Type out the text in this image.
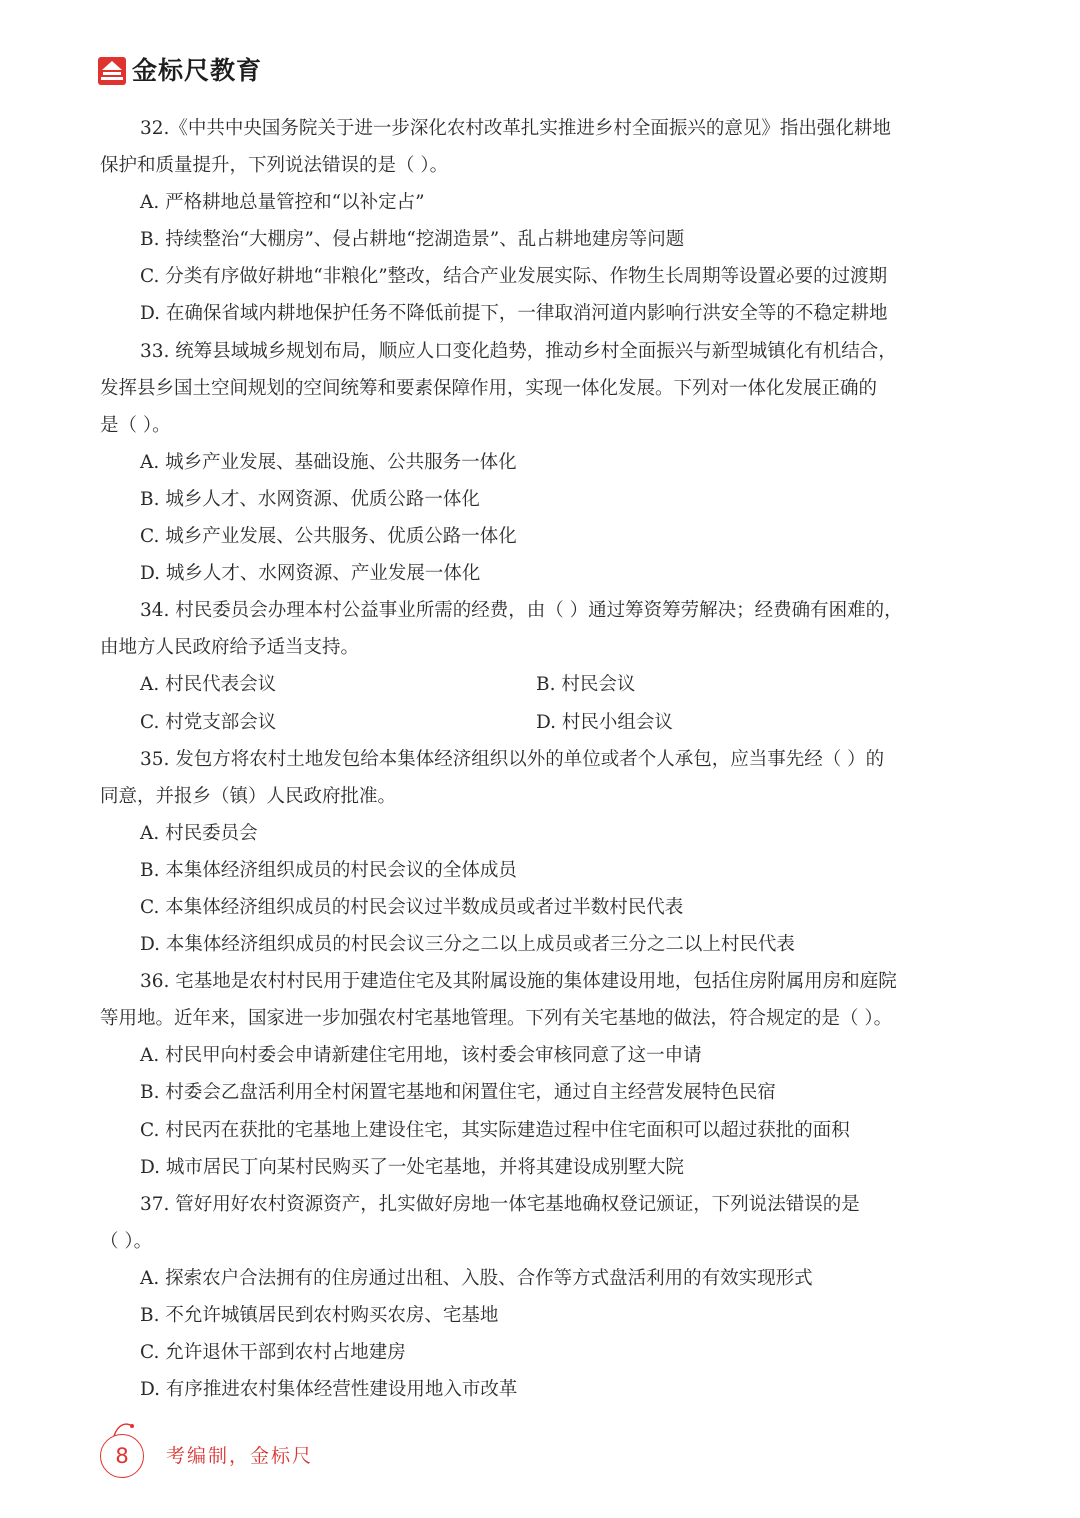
金标尺教育
32.《中共中央国务院关于进一步深化农村改革扎实推进乡村全面振兴的意见》指出强化耕地
保护和质量提升，下列说法错误的是（ ）。
A. 严格耕地总量管控和“以补定占”
B. 持续整治“大棚房”、侵占耕地“挖湖造景”、乱占耕地建房等问题
C. 分类有序做好耕地“非粮化”整改，结合产业发展实际、作物生长周期等设置必要的过渡期
D. 在确保省域内耕地保护任务不降低前提下，一律取消河道内影响行洪安全等的不稳定耕地
33. 统筹县域城乡规划布局，顺应人口变化趋势，推动乡村全面振兴与新型城镇化有机结合，
发挥县乡国土空间规划的空间统筹和要素保障作用，实现一体化发展。下列对一体化发展正确的
是（ ）。
A. 城乡产业发展、基础设施、公共服务一体化
B. 城乡人才、水网资源、优质公路一体化
C. 城乡产业发展、公共服务、优质公路一体化
D. 城乡人才、水网资源、产业发展一体化
34. 村民委员会办理本村公益事业所需的经费，由（ ）通过筹资筹劳解决；经费确有困难的，
由地方人民政府给予适当支持。
A. 村民代表会议	B. 村民会议
C. 村党支部会议	D. 村民小组会议
35. 发包方将农村土地发包给本集体经济组织以外的单位或者个人承包，应当事先经（ ）的
同意，并报乡（镇）人民政府批准。
A. 村民委员会
B. 本集体经济组织成员的村民会议的全体成员
C. 本集体经济组织成员的村民会议过半数成员或者过半数村民代表
D. 本集体经济组织成员的村民会议三分之二以上成员或者三分之二以上村民代表
36. 宅基地是农村村民用于建造住宅及其附属设施的集体建设用地，包括住房附属用房和庭院
等用地。近年来，国家进一步加强农村宅基地管理。下列有关宅基地的做法，符合规定的是（ ）。
A. 村民甲向村委会申请新建住宅用地，该村委会审核同意了这一申请
B. 村委会乙盘活利用全村闲置宅基地和闲置住宅，通过自主经营发展特色民宿
C. 村民丙在获批的宅基地上建设住宅，其实际建造过程中住宅面积可以超过获批的面积
D. 城市居民丁向某村民购买了一处宅基地，并将其建设成别墅大院
37. 管好用好农村资源资产，扎实做好房地一体宅基地确权登记颁证，下列说法错误的是
（ ）。
A. 探索农户合法拥有的住房通过出租、入股、合作等方式盘活利用的有效实现形式
B. 不允许城镇居民到农村购买农房、宅基地
C. 允许退休干部到农村占地建房
D. 有序推进农村集体经营性建设用地入市改革
8	考编制，金标尺
